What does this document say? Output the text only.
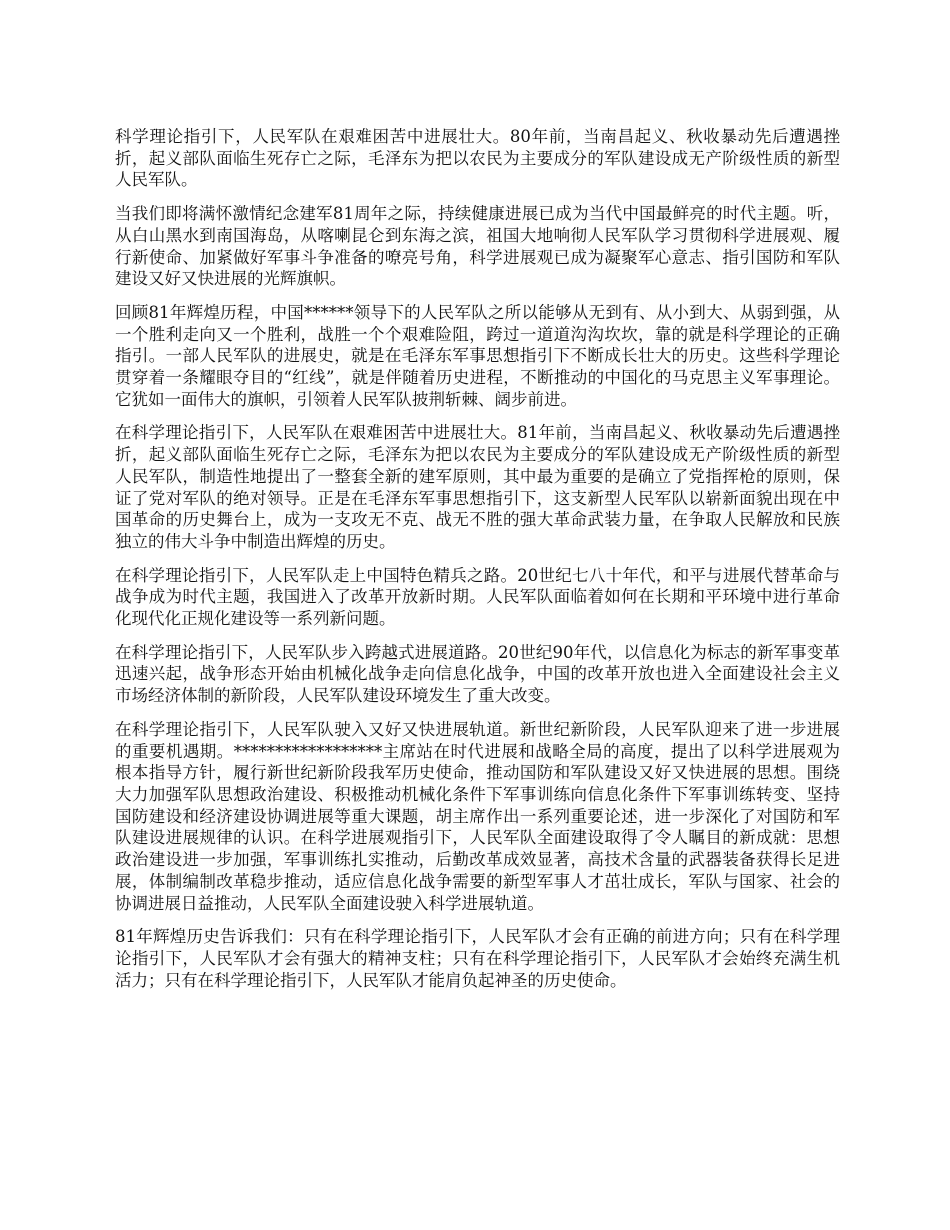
科学理论指引下，人民军队在艰难困苦中进展壮大。80年前，当南昌起义、秋收暴动先后遭遇挫折，起义部队面临生死存亡之际，毛泽东为把以农民为主要成分的军队建设成无产阶级性质的新型人民军队。

当我们即将满怀激情纪念建军81周年之际，持续健康进展已成为当代中国最鲜亮的时代主题。听，从白山黑水到南国海岛，从喀喇昆仑到东海之滨，祖国大地响彻人民军队学习贯彻科学进展观、履行新使命、加紧做好军事斗争准备的嘹亮号角，科学进展观已成为凝聚军心意志、指引国防和军队建设又好又快进展的光辉旗帜。

回顾81年辉煌历程，中国******领导下的人民军队之所以能够从无到有、从小到大、从弱到强，从一个胜利走向又一个胜利，战胜一个个艰难险阻，跨过一道道沟沟坎坎，靠的就是科学理论的正确指引。一部人民军队的进展史，就是在毛泽东军事思想指引下不断成长壮大的历史。这些科学理论贯穿着一条耀眼夺目的“红线”，就是伴随着历史进程，不断推动的中国化的马克思主义军事理论。它犹如一面伟大的旗帜，引领着人民军队披荆斩棘、阔步前进。

在科学理论指引下，人民军队在艰难困苦中进展壮大。81年前，当南昌起义、秋收暴动先后遭遇挫折，起义部队面临生死存亡之际，毛泽东为把以农民为主要成分的军队建设成无产阶级性质的新型人民军队，制造性地提出了一整套全新的建军原则，其中最为重要的是确立了党指挥枪的原则，保证了党对军队的绝对领导。正是在毛泽东军事思想指引下，这支新型人民军队以崭新面貌出现在中国革命的历史舞台上，成为一支攻无不克、战无不胜的强大革命武装力量，在争取人民解放和民族独立的伟大斗争中制造出辉煌的历史。

在科学理论指引下，人民军队走上中国特色精兵之路。20世纪七八十年代，和平与进展代替革命与战争成为时代主题，我国进入了改革开放新时期。人民军队面临着如何在长期和平环境中进行革命化现代化正规化建设等一系列新问题。

在科学理论指引下，人民军队步入跨越式进展道路。20世纪90年代，以信息化为标志的新军事变革迅速兴起，战争形态开始由机械化战争走向信息化战争，中国的改革开放也进入全面建设社会主义市场经济体制的新阶段，人民军队建设环境发生了重大改变。

在科学理论指引下，人民军队驶入又好又快进展轨道。新世纪新阶段，人民军队迎来了进一步进展的重要机遇期。******************主席站在时代进展和战略全局的高度，提出了以科学进展观为根本指导方针，履行新世纪新阶段我军历史使命，推动国防和军队建设又好又快进展的思想。围绕大力加强军队思想政治建设、积极推动机械化条件下军事训练向信息化条件下军事训练转变、坚持国防建设和经济建设协调进展等重大课题，胡主席作出一系列重要论述，进一步深化了对国防和军队建设进展规律的认识。在科学进展观指引下，人民军队全面建设取得了令人瞩目的新成就：思想政治建设进一步加强，军事训练扎实推动，后勤改革成效显著，高技术含量的武器装备获得长足进展，体制编制改革稳步推动，适应信息化战争需要的新型军事人才茁壮成长，军队与国家、社会的协调进展日益推动，人民军队全面建设驶入科学进展轨道。

81年辉煌历史告诉我们：只有在科学理论指引下，人民军队才会有正确的前进方向；只有在科学理论指引下，人民军队才会有强大的精神支柱；只有在科学理论指引下，人民军队才会始终充满生机活力；只有在科学理论指引下，人民军队才能肩负起神圣的历史使命。
